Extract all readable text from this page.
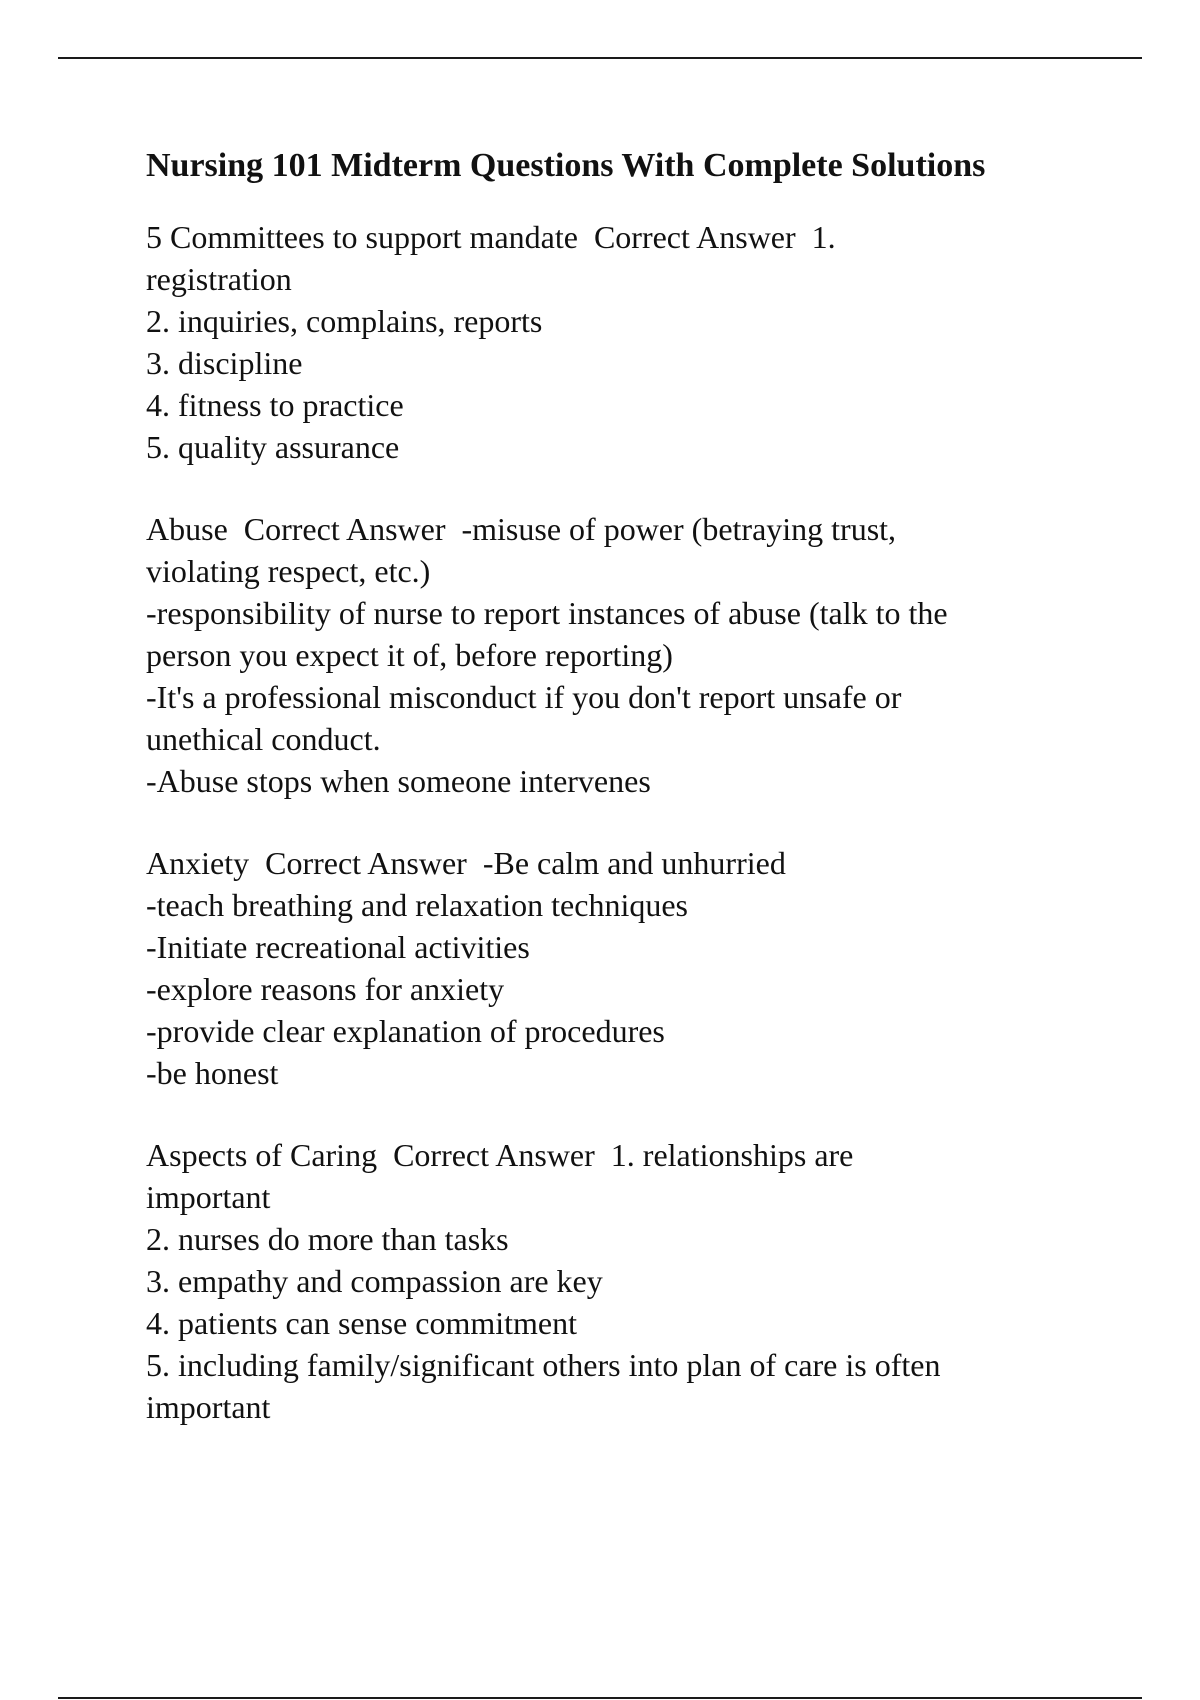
Nursing 101 Midterm Questions With Complete Solutions
5 Committees to support mandate  Correct Answer  1.
registration
2. inquiries, complains, reports
3. discipline
4. fitness to practice
5. quality assurance
Abuse  Correct Answer  -misuse of power (betraying trust,
violating respect, etc.)
-responsibility of nurse to report instances of abuse (talk to the
person you expect it of, before reporting)
-It's a professional misconduct if you don't report unsafe or
unethical conduct.
-Abuse stops when someone intervenes
Anxiety  Correct Answer  -Be calm and unhurried
-teach breathing and relaxation techniques
-Initiate recreational activities
-explore reasons for anxiety
-provide clear explanation of procedures
-be honest
Aspects of Caring  Correct Answer  1. relationships are
important
2. nurses do more than tasks
3. empathy and compassion are key
4. patients can sense commitment
5. including family/significant others into plan of care is often
important
